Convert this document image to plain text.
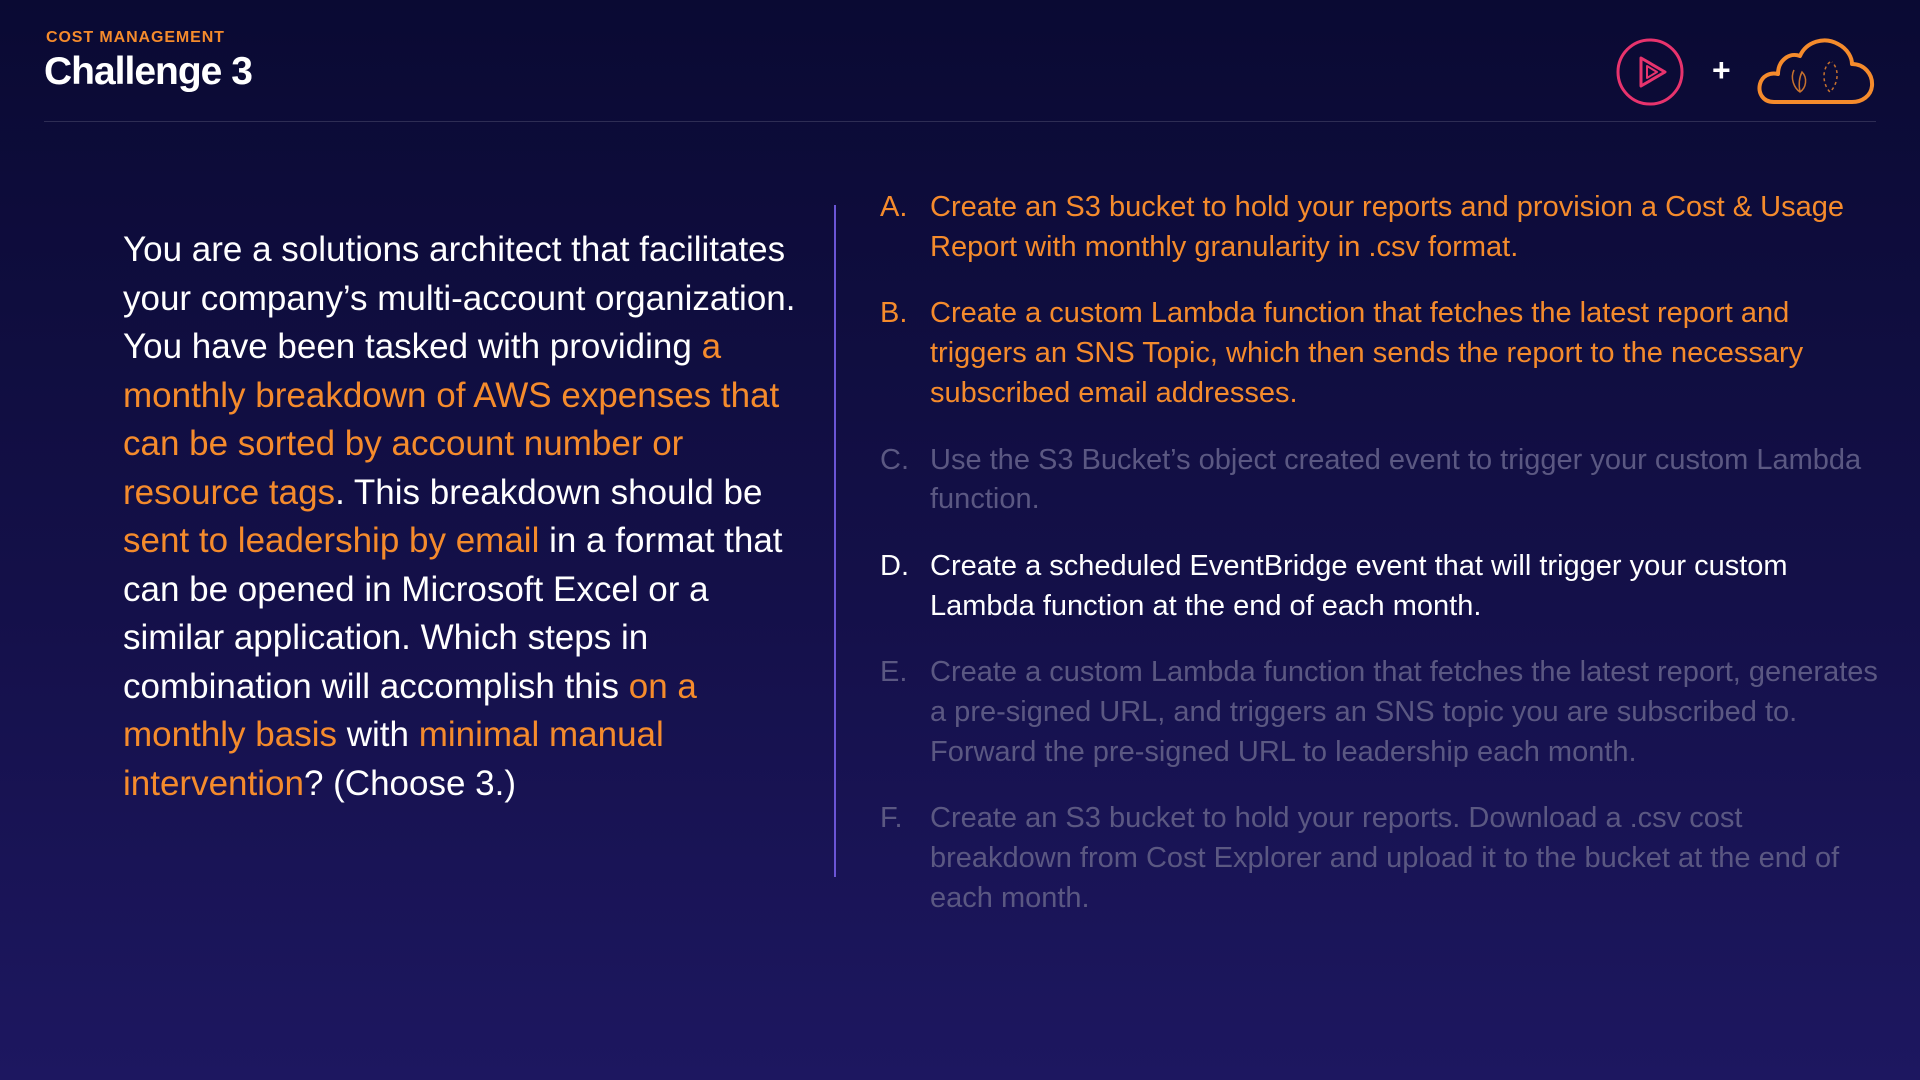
COST MANAGEMENT
Challenge 3	+
You are a solutions architect that facilitates your company’s multi-account organization. You have been tasked with providing a monthly breakdown of AWS expenses that can be sorted by account number or resource tags. This breakdown should be sent to leadership by email in a format that can be opened in Microsoft Excel or a similar application. Which steps in combination will accomplish this on a monthly basis with minimal manual intervention? (Choose 3.)
A. Create an S3 bucket to hold your reports and provision a Cost & Usage Report with monthly granularity in .csv format.
B. Create a custom Lambda function that fetches the latest report and triggers an SNS Topic, which then sends the report to the necessary subscribed email addresses.
C. Use the S3 Bucket’s object created event to trigger your custom Lambda function.
D. Create a scheduled EventBridge event that will trigger your custom Lambda function at the end of each month.
E. Create a custom Lambda function that fetches the latest report, generates a pre-signed URL, and triggers an SNS topic you are subscribed to. Forward the pre-signed URL to leadership each month.
F. Create an S3 bucket to hold your reports. Download a .csv cost breakdown from Cost Explorer and upload it to the bucket at the end of each month.
